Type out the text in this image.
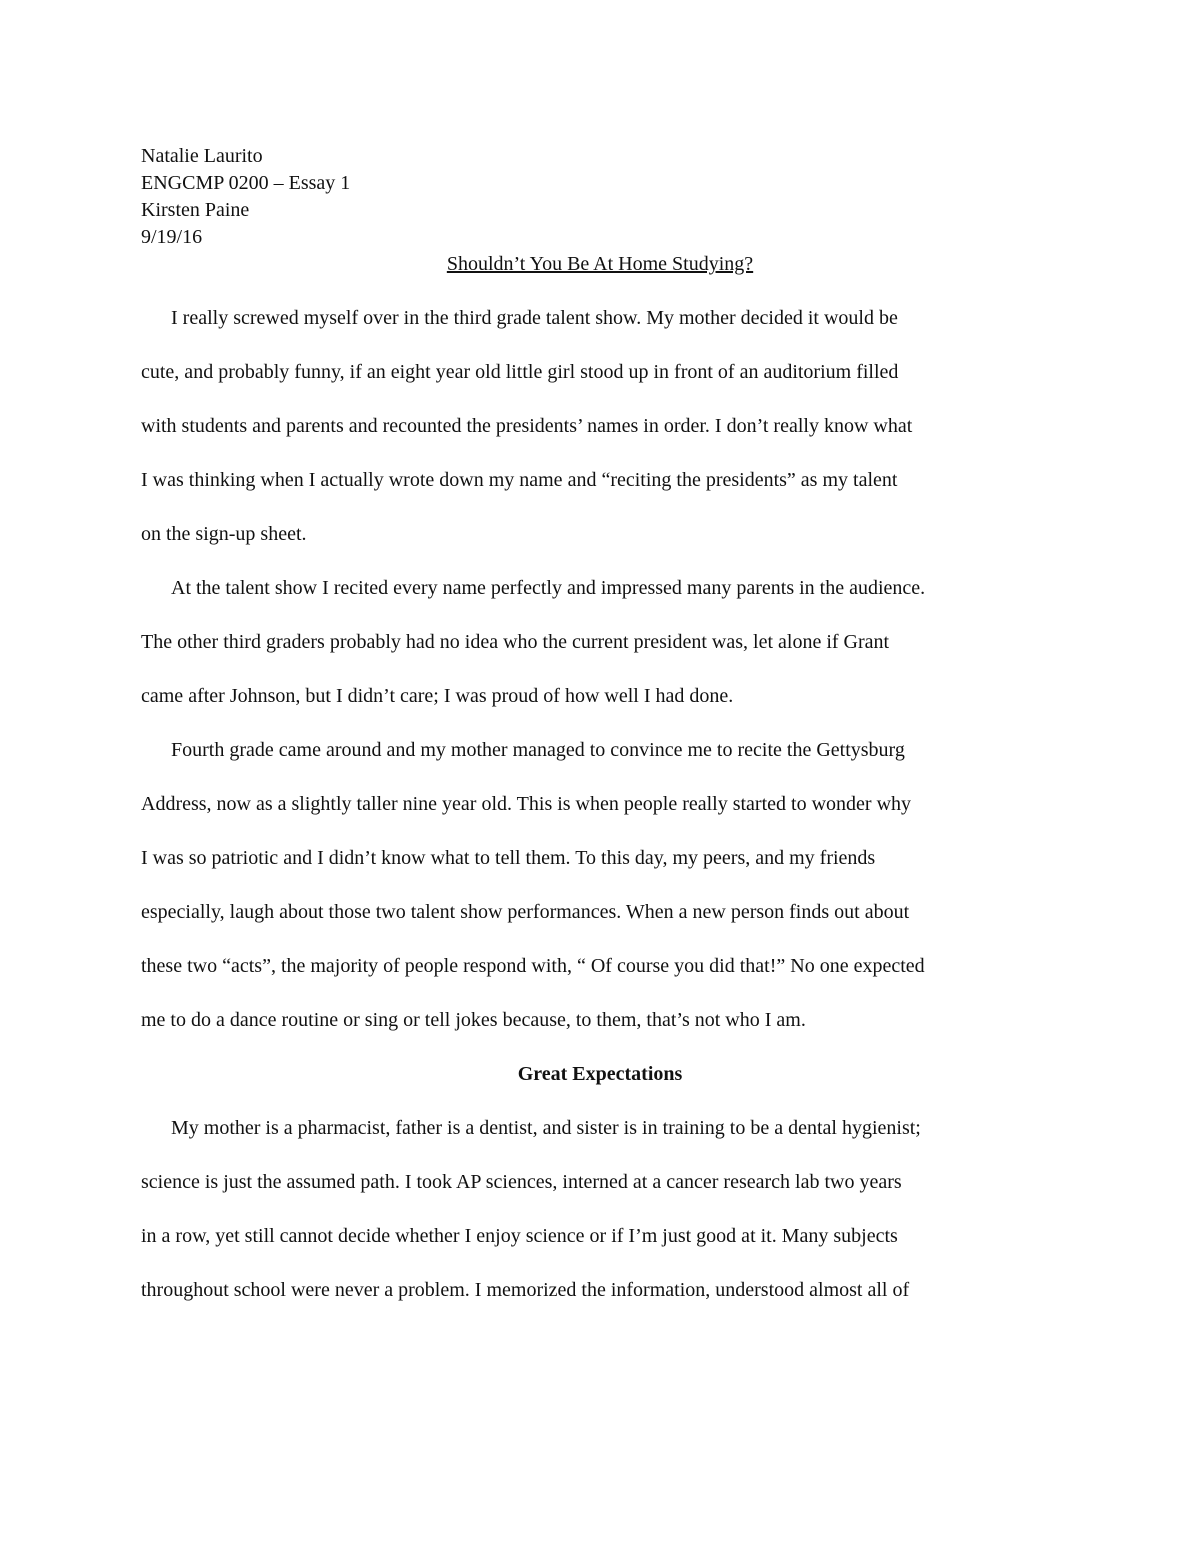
Natalie Laurito
ENGCMP 0200 – Essay 1
Kirsten Paine
9/19/16
Shouldn’t You Be At Home Studying?
I really screwed myself over in the third grade talent show. My mother decided it would be
cute, and probably funny, if an eight year old little girl stood up in front of an auditorium filled
with students and parents and recounted the presidents’ names in order. I don’t really know what
I was thinking when I actually wrote down my name and “reciting the presidents” as my talent
on the sign-up sheet.
At the talent show I recited every name perfectly and impressed many parents in the audience.
The other third graders probably had no idea who the current president was, let alone if Grant
came after Johnson, but I didn’t care; I was proud of how well I had done.
Fourth grade came around and my mother managed to convince me to recite the Gettysburg
Address, now as a slightly taller nine year old. This is when people really started to wonder why
I was so patriotic and I didn’t know what to tell them. To this day, my peers, and my friends
especially, laugh about those two talent show performances. When a new person finds out about
these two “acts”, the majority of people respond with, “ Of course you did that!” No one expected
me to do a dance routine or sing or tell jokes because, to them, that’s not who I am.
Great Expectations
My mother is a pharmacist, father is a dentist, and sister is in training to be a dental hygienist;
science is just the assumed path. I took AP sciences, interned at a cancer research lab two years
in a row, yet still cannot decide whether I enjoy science or if I’m just good at it. Many subjects
throughout school were never a problem. I memorized the information, understood almost all of
